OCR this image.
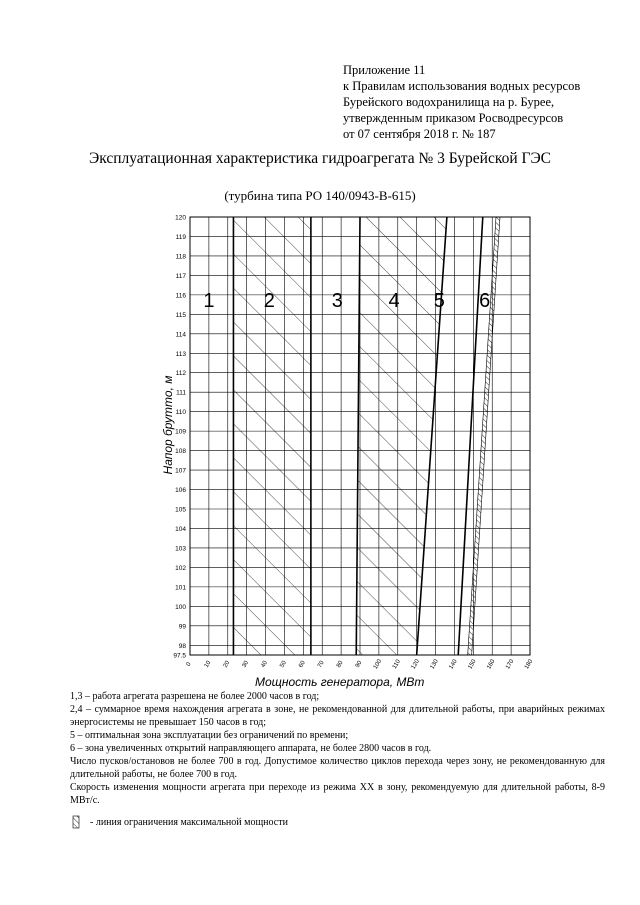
Приложение 11
к Правилам использования водных ресурсов
Бурейского водохранилища на р. Бурее,
утвержденным приказом Росводресурсов
от 07 сентября 2018 г. № 187
Эксплуатационная характеристика гидроагрегата № 3 Бурейской ГЭС
(турбина типа РО 140/0943-В-615)
120
119
118
117
116
115
114
113
112
111
110
109
108
107
106
105
104
103
102
101
100
99
98
97.5
0 10 20 30 40 50 60 70 80 90 100 110 120 130 140 150 160 170 180
1 2	3 4 5 6
Напор брутто, м
Мощность генератора, МВт

1,3 – работа агрегата разрешена не более 2000 часов в год;

2,4 – суммарное время нахождения агрегата в зоне, не рекомендованной для длительной работы, при аварийных режимах энергосистемы не превышает 150 часов в год;

5 – оптимальная зона эксплуатации без ограничений по времени;

6 – зона увеличенных открытий направляющего аппарата, не более 2800 часов в год.

Число пусков/остановов не более 700 в год. Допустимое количество циклов перехода через зону, не рекомендованную для длительной работы, не более 700 в год.

Скорость изменения мощности агрегата при переходе из режима ХХ в зону, рекомендуемую для длительной работы, 8-9 МВт/с.

- линия ограничения максимальной мощности
